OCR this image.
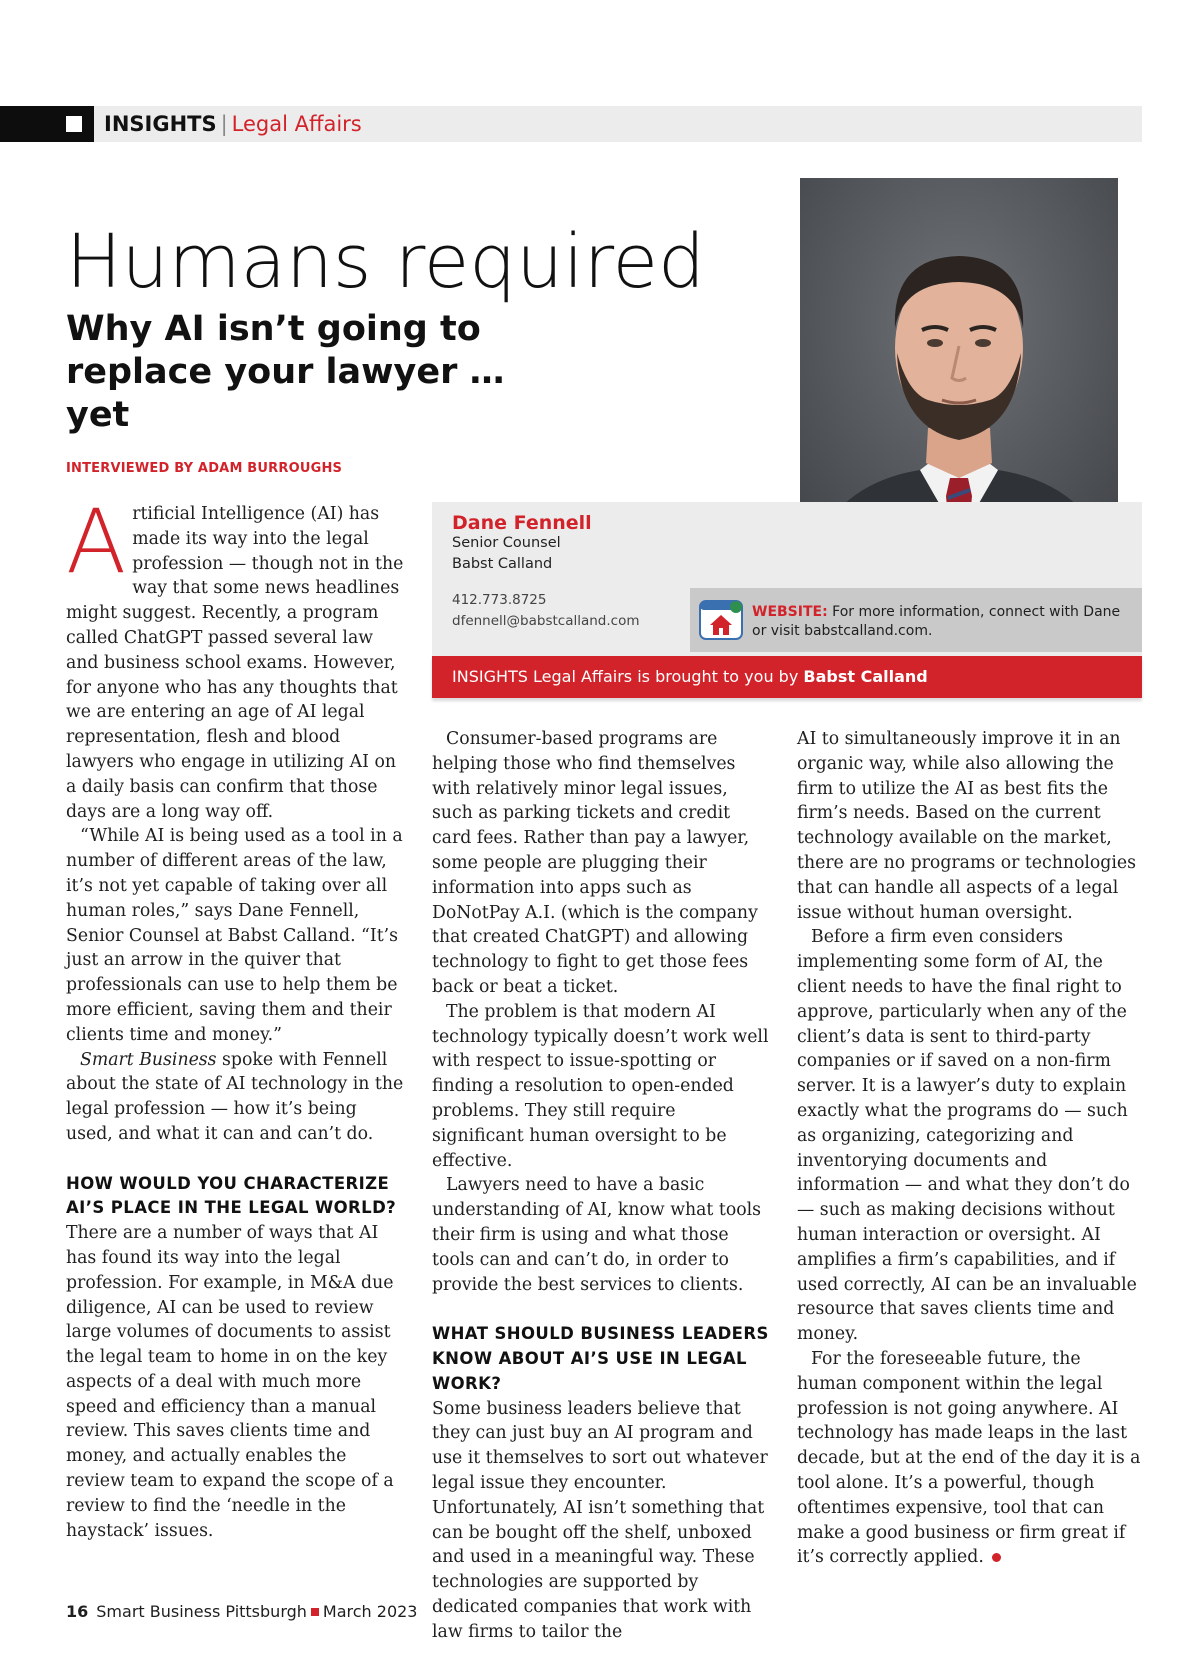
INSIGHTS | Legal Affairs
Humans required
Why AI isn’t going to replace your lawyer … yet
INTERVIEWED BY ADAM BURROUGHS
Dane Fennell
Senior Counsel
Babst Calland
412.773.8725
dfennell@babstcalland.com
WEBSITE: For more information, connect with Dane or visit babstcalland.com.
INSIGHTS Legal Affairs is brought to you by Babst Calland

Artificial Intelligence (AI) has made its way into the legal profession — though not in the way that some news headlines might suggest. Recently, a program called ChatGPT passed several law and business school exams. However, for anyone who has any thoughts that we are entering an age of AI legal representation, flesh and blood lawyers who engage in utilizing AI on a daily basis can confirm that those days are a long way off.

“While AI is being used as a tool in a number of different areas of the law, it’s not yet capable of taking over all human roles,” says Dane Fennell, Senior Counsel at Babst Calland. “It’s just an arrow in the quiver that professionals can use to help them be more efficient, saving them and their clients time and money.”

Smart Business spoke with Fennell about the state of AI technology in the legal profession — how it’s being used, and what it can and can’t do.

HOW WOULD YOU CHARACTERIZE AI’S PLACE IN THE LEGAL WORLD?

There are a number of ways that AI has found its way into the legal profession. For example, in M&A due diligence, AI can be used to review large volumes of documents to assist the legal team to home in on the key aspects of a deal with much more speed and efficiency than a manual review. This saves clients time and money, and actually enables the review team to expand the scope of a review to find the ‘needle in the haystack’ issues.

Consumer-based programs are helping those who find themselves with relatively minor legal issues, such as parking tickets and credit card fees. Rather than pay a lawyer, some people are plugging their information into apps such as DoNotPay A.I. (which is the company that created ChatGPT) and allowing technology to fight to get those fees back or beat a ticket.

The problem is that modern AI technology typically doesn’t work well with respect to issue-spotting or finding a resolution to open-ended problems. They still require significant human oversight to be effective.

Lawyers need to have a basic understanding of AI, know what tools their firm is using and what those tools can and can’t do, in order to provide the best services to clients.

WHAT SHOULD BUSINESS LEADERS KNOW ABOUT AI’S USE IN LEGAL WORK?

Some business leaders believe that they can just buy an AI program and use it themselves to sort out whatever legal issue they encounter. Unfortunately, AI isn’t something that can be bought off the shelf, unboxed and used in a meaningful way. These technologies are supported by dedicated companies that work with law firms to tailor the

AI to simultaneously improve it in an organic way, while also allowing the firm to utilize the AI as best fits the firm’s needs. Based on the current technology available on the market, there are no programs or technologies that can handle all aspects of a legal issue without human oversight.

Before a firm even considers implementing some form of AI, the client needs to have the final right to approve, particularly when any of the client’s data is sent to third-party companies or if saved on a non-firm server. It is a lawyer’s duty to explain exactly what the programs do — such as organizing, categorizing and inventorying documents and information — and what they don’t do — such as making decisions without human interaction or oversight. AI amplifies a firm’s capabilities, and if used correctly, AI can be an invaluable resource that saves clients time and money.

For the foreseeable future, the human component within the legal profession is not going anywhere. AI technology has made leaps in the last decade, but at the end of the day it is a tool alone. It’s a powerful, though oftentimes expensive, tool that can make a good business or firm great if it’s correctly applied.

16 Smart Business Pittsburgh March 2023
